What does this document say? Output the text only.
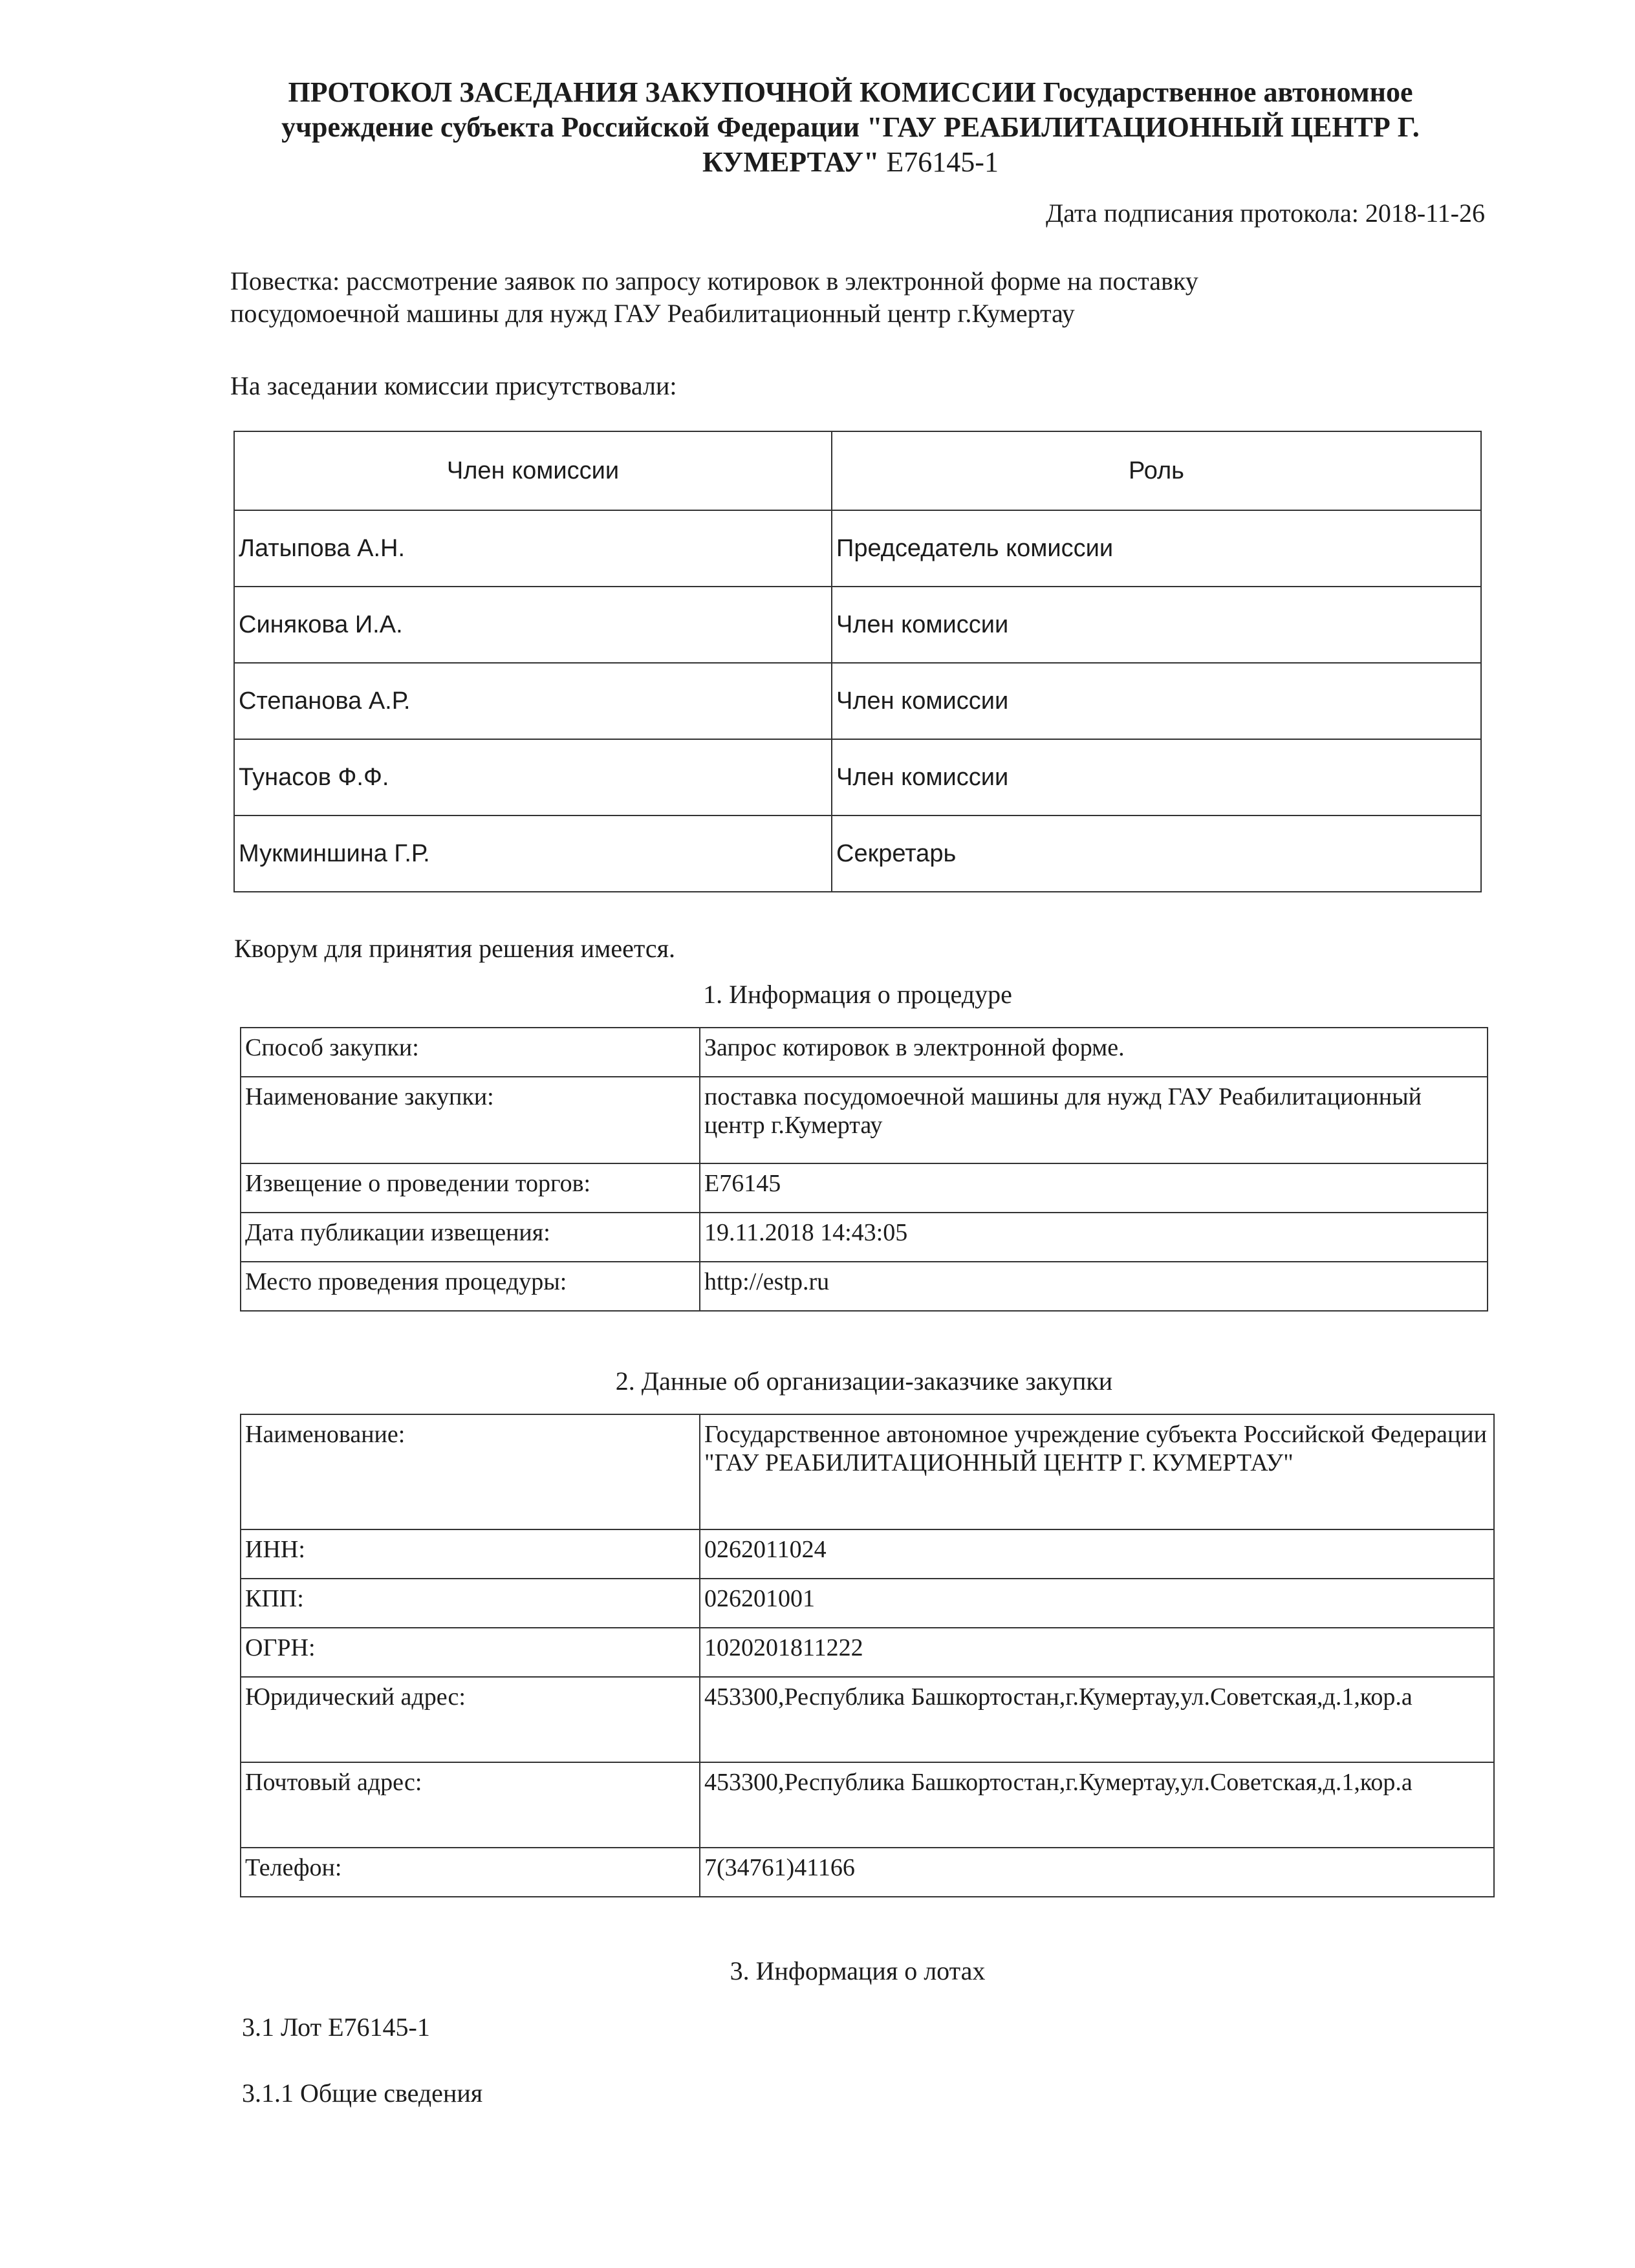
ПРОТОКОЛ ЗАСЕДАНИЯ ЗАКУПОЧНОЙ КОМИССИИ Государственное автономное учреждение субъекта Российской Федерации "ГАУ РЕАБИЛИТАЦИОННЫЙ ЦЕНТР Г. КУМЕРТАУ" E76145-1
Дата подписания протокола: 2018-11-26
Повестка: рассмотрение заявок по запросу котировок в электронной форме на поставку посудомоечной машины для нужд ГАУ Реабилитационный центр г.Кумертау
На заседании комиссии присутствовали:
Член комиссии	Роль
Латыпова А.Н.	Председатель комиссии
Синякова И.А.	Член комиссии
Степанова А.Р.	Член комиссии
Тунасов Ф.Ф.	Член комиссии
Мукминшина Г.Р.	Секретарь
Кворум для принятия решения имеется.
1. Информация о процедуре
Способ закупки:	Запрос котировок в электронной форме.
Наименование закупки:	поставка посудомоечной машины для нужд ГАУ Реабилитационный центр г.Кумертау
Извещение о проведении торгов:	E76145
Дата публикации извещения:	19.11.2018 14:43:05
Место проведения процедуры:	http://estp.ru
2. Данные об организации-заказчике закупки
Наименование:	Государственное автономное учреждение субъекта Российской Федерации "ГАУ РЕАБИЛИТАЦИОННЫЙ ЦЕНТР Г. КУМЕРТАУ"
ИНН:	0262011024
КПП:	026201001
ОГРН:	1020201811222
Юридический адрес:	453300,Республика Башкортостан,г.Кумертау,ул.Советская,д.1,кор.а
Почтовый адрес:	453300,Республика Башкортостан,г.Кумертау,ул.Советская,д.1,кор.а
Телефон:	7(34761)41166
3. Информация о лотах
3.1 Лот E76145-1
3.1.1 Общие сведения
